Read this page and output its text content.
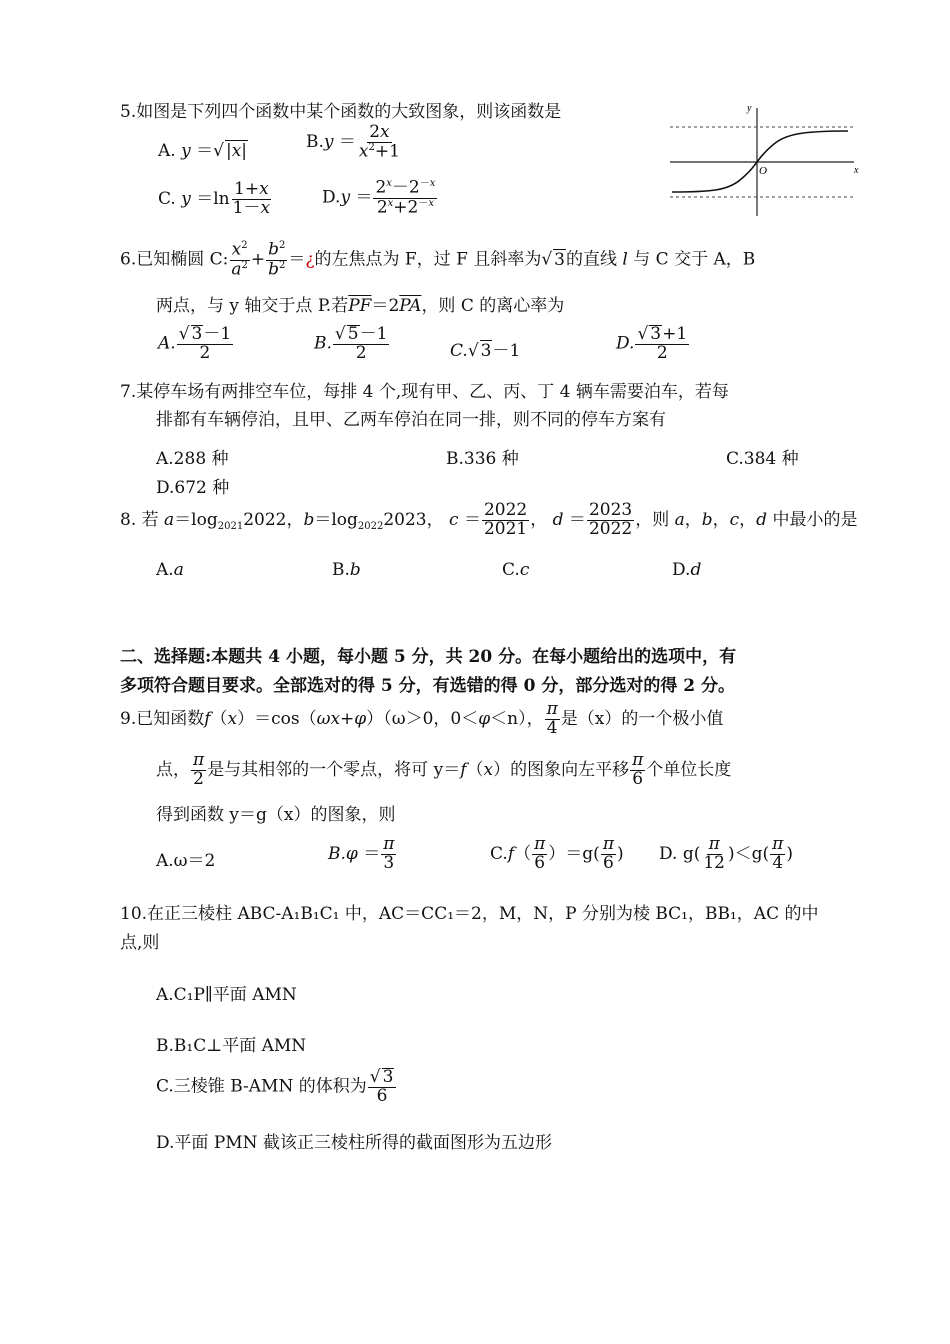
5.如图是下列四个函数中某个函数的大致图象，则该函数是
A. y ＝√ |x|	$B.y = \frac{2x}{x^2+1}$
C. $y =\ln \frac{1+x}{1-x}$	$D.y = \frac{2^x-2^{-x}}{2^x+2^{-x}}$
y
x
O
6.已知椭圆 C: $\frac{x^2}{a^2} + \frac{b^2}{b^2}$ ＝¿的左焦点为 F，过 F 且斜率为√ 3的直线 l 与 C 交于 A，B
两点，与 y 轴交于点 P.若$\overline{PF}=2\overline{PA}$，则 C 的离心率为
A. $\frac{√ 3-1}{2}$	B. $\frac{√ 5-1}{2}$	C.√ 3－1	D. $\frac{√ 3+1}{2}$
7.某停车场有两排空车位，每排 4 个,现有甲、乙、丙、丁 4 辆车需要泊车，若每
排都有车辆停泊，且甲、乙两车停泊在同一排，则不同的停车方案有
A.288 种	B.336 种	C.384 种
D.672 种
8. 若 $a=\log_{2021}2022$，$b=\log_{2022}2023$， $c = \frac{2022}{2021}$ ， $d = \frac{2023}{2022}$ ，则 a，b，c，d 中最小的是
A.a	B.b	C.c	D.d
二、选择题:本题共 4 小题，每小题 5 分，共 20 分。在每小题给出的选项中，有
多项符合题目要求。全部选对的得 5 分，有选错的得 0 分，部分选对的得 2 分。
9.已知函数f（x）＝cos（ωx+φ）（ω＞0，0＜φ＜n）， $\frac{\pi}{4}$ 是（x）的一个极小值
点， $\frac{\pi}{2}$ 是与其相邻的一个零点，将可 y＝f（x）的图象向左平移 $\frac{\pi}{6}$ 个单位长度
得到函数 y＝g（x）的图象，则
A.ω＝2	$B.\varphi = \frac{\pi}{3}$	$C.f( \frac{\pi}{6} )=g( \frac{\pi}{6}$ ) D. $g( \frac{\pi}{12} )<g( \frac{\pi}{4}$ )
10.在正三棱柱 ABC-A₁B₁C₁ 中，AC＝CC₁＝2，M，N，P 分别为棱 BC₁，BB₁，AC 的中
点,则
A.C₁P∥平面 AMN
B.B₁C⊥平面 AMN
C.三棱锥 B-AMN 的体积为 $\frac{√ 3}{6}$
D.平面 PMN 截该正三棱柱所得的截面图形为五边形
